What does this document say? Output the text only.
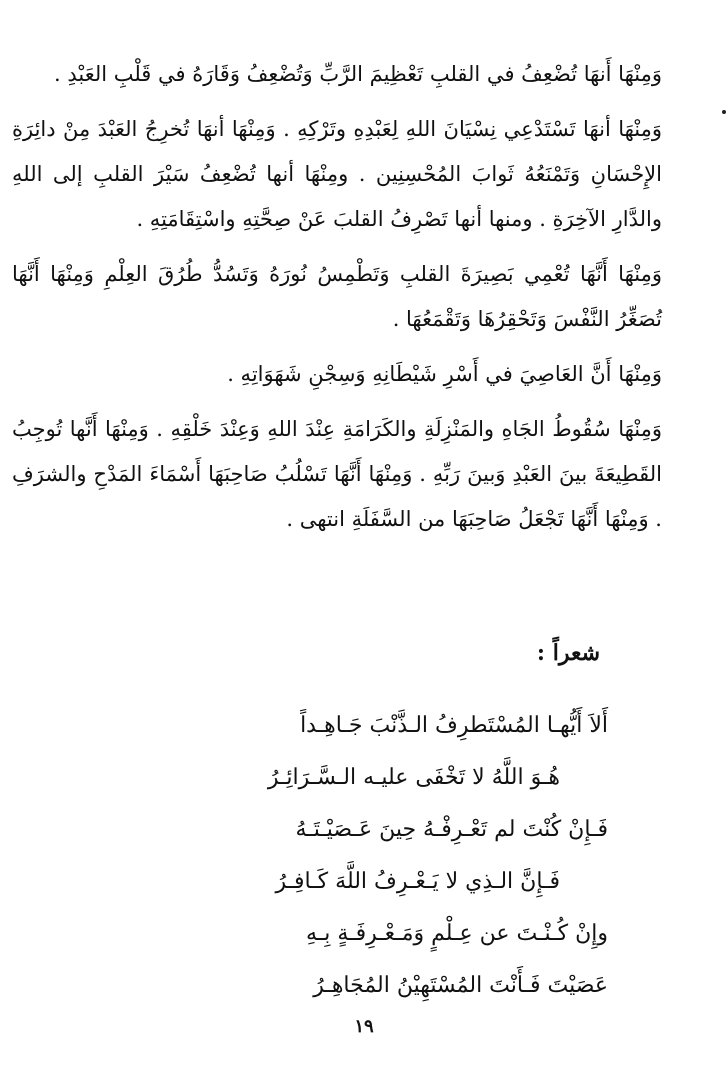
وَمِنْهَا أَنهَا تُضْعِفُ في القلبِ تَعْظِيمَ الرَّبِّ وَتُضْعِفُ وَقَارَهُ في قَلْبِ العَبْدِ .

وَمِنْهَا أنهَا تَسْتَدْعِي نِسْيَانَ اللهِ لِعَبْدِهِ وتَرْكِهِ . وَمِنْهَا أنهَا تُخرِجُ العَبْدَ مِنْ دائِرَةِ الإِحْسَانِ وَتَمْنَعُهُ ثَوابَ المُحْسِنِين . ومِنْهَا أنها تُضْعِفُ سَيْرَ القلبِ إلى اللهِ والدَّارِ الآخِرَةِ . ومنها أنها تَصْرِفُ القلبَ عَنْ صِحَّتِهِ واسْتِقَامَتِهِ .

وَمِنْهَا أَنَّهَا تُعْمِي بَصِيرَةَ القلبِ وَتَطْمِسُ نُورَهُ وَتَسُدُّ طُرُقَ العِلْمِ وَمِنْهَا أَنَّهَا تُصَغِّرُ النَّفْسَ وَتَحْقِرُهَا وَتَقْمَعُهَا .

وَمِنْهَا أَنَّ العَاصِيَ في أَسْرِ شَيْطَانِهِ وَسِجْنِ شَهَوَاتِهِ .

وَمِنْهَا سُقُوطُ الجَاهِ والمَنْزِلَةِ والكَرَامَةِ عِنْدَ اللهِ وَعِنْدَ خَلْقِهِ . وَمِنْهَا أَنَّها تُوجِبُ القَطِيعَةَ بينَ العَبْدِ وَبينَ رَبِّهِ . وَمِنْهَا أَنَّهَا تَسْلُبُ صَاحِبَهَا أَسْمَاءَ المَدْحِ والشرَفِ . وَمِنْهَا أَنَّهَا تَجْعَلُ صَاحِبَهَا من السَّفَلَةِ انتهى .

شعراً :

أَلاَ أَيُّهـا المُسْتَطرِفُ الـذَّنْبَ جَـاهِـداً
هُـوَ اللَّهُ لا تَخْفَى عليـه الـسَّـرَائِـرُ
فَـإِنْ كُنْتَ لم تَعْـرِفْـهُ حِينَ عَـصَيْـتَـهُ
فَـإِنَّ الـذِي لا يَـعْـرِفُ اللَّهَ كَـافِـرُ
وإِنْ كُـنْـتَ عن عِـلْمٍ وَمَـعْـرِفَـةٍ بِـهِ
عَصَيْتَ فَـأَنْتَ المُسْتَهِيْنُ المُجَاهِـرُ
١٩
